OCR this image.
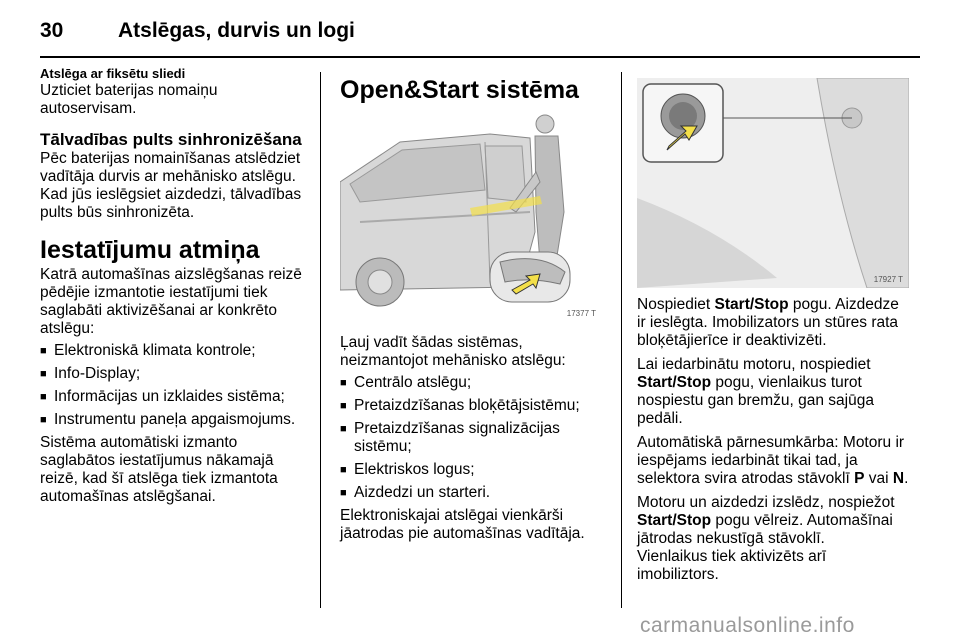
30	Atslēgas, durvis un logi
Atslēga ar fiksētu sliedi

Uzticiet baterijas nomaiņu autoservisam.

Tālvadības pults sinhronizēšana

Pēc baterijas nomainīšanas atslēdziet vadītāja durvis ar mehānisko atslēgu. Kad jūs ieslēgsiet aizdedzi, tālvadības pults būs sinhronizēta.

Iestatījumu atmiņa

Katrā automašīnas aizslēgšanas reizē pēdējie izmantotie iestatījumi tiek saglabāti aktivizēšanai ar konkrēto atslēgu:

■ Elektroniskā klimata kontrole;
■ Info-Display;
■ Informācijas un izklaides sistēma;
■ Instrumentu paneļa apgaismojums.

Sistēma automātiski izmanto saglabātos iestatījumus nākamajā reizē, kad šī atslēga tiek izmantota automašīnas atslēgšanai.

Open&Start sistēma
17377 T

Ļauj vadīt šādas sistēmas, neizmantojot mehānisko atslēgu:

■ Centrālo atslēgu;
■ Pretaizdzīšanas bloķētājsistēmu;
■ Pretaizdzīšanas signalizācijas sistēmu;
■ Elektriskos logus;
■ Aizdedzi un starteri.

Elektroniskajai atslēgai vienkārši jāatrodas pie automašīnas vadītāja.

17927 T

Nospiediet Start/Stop pogu. Aizdedze ir ieslēgta. Imobilizators un stūres rata bloķētājierīce ir deaktivizēti.

Lai iedarbinātu motoru, nospiediet Start/Stop pogu, vienlaikus turot nospiestu gan bremžu, gan sajūga pedāli.

Automātiskā pārnesumkārba: Motoru ir iespējams iedarbināt tikai tad, ja selektora svira atrodas stāvoklī P vai N.

Motoru un aizdedzi izslēdz, nospiežot Start/Stop pogu vēlreiz. Automašīnai jātrodas nekustīgā stāvoklī.

Vienlaikus tiek aktivizēts arī imobiliztors.

carmanualsonline.info
